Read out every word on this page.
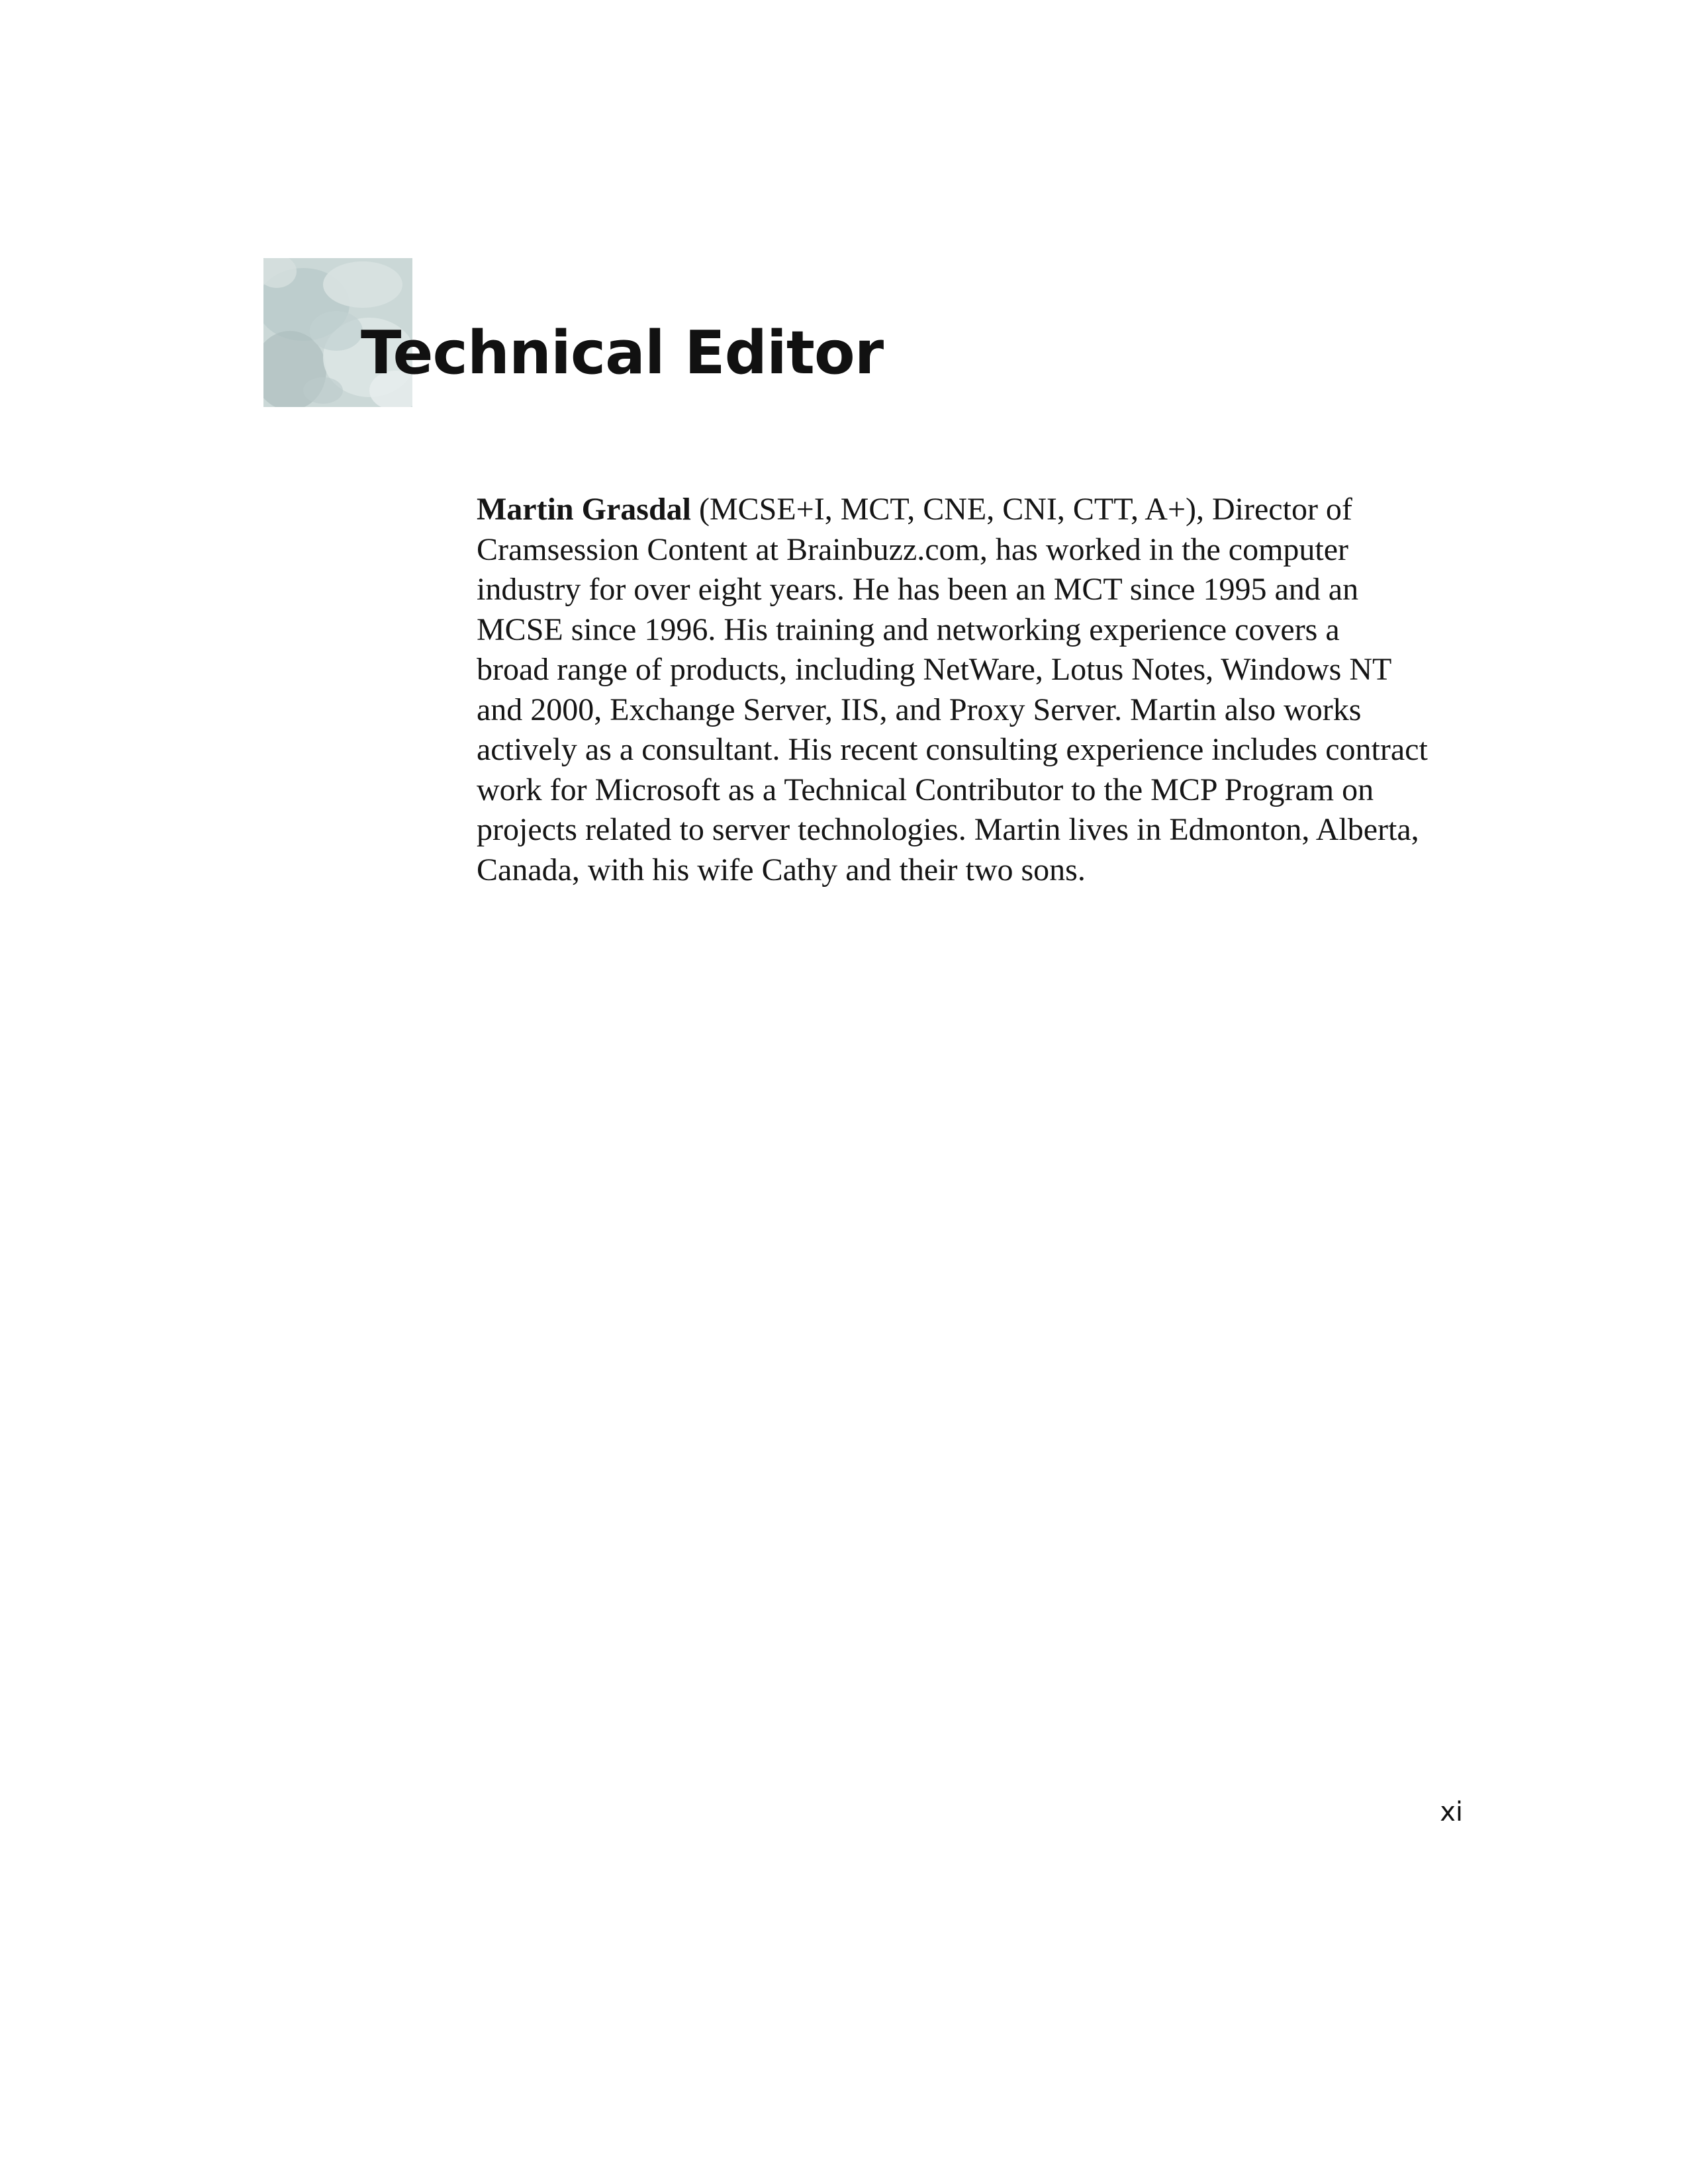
Technical Editor
Martin Grasdal (MCSE+I, MCT, CNE, CNI, CTT, A+), Director of
Cramsession Content at Brainbuzz.com, has worked in the computer
industry for over eight years. He has been an MCT since 1995 and an
MCSE since 1996. His training and networking experience covers a
broad range of products, including NetWare, Lotus Notes, Windows NT
and 2000, Exchange Server, IIS, and Proxy Server. Martin also works
actively as a consultant. His recent consulting experience includes contract
work for Microsoft as a Technical Contributor to the MCP Program on
projects related to server technologies. Martin lives in Edmonton, Alberta,
Canada, with his wife Cathy and their two sons.
xi
